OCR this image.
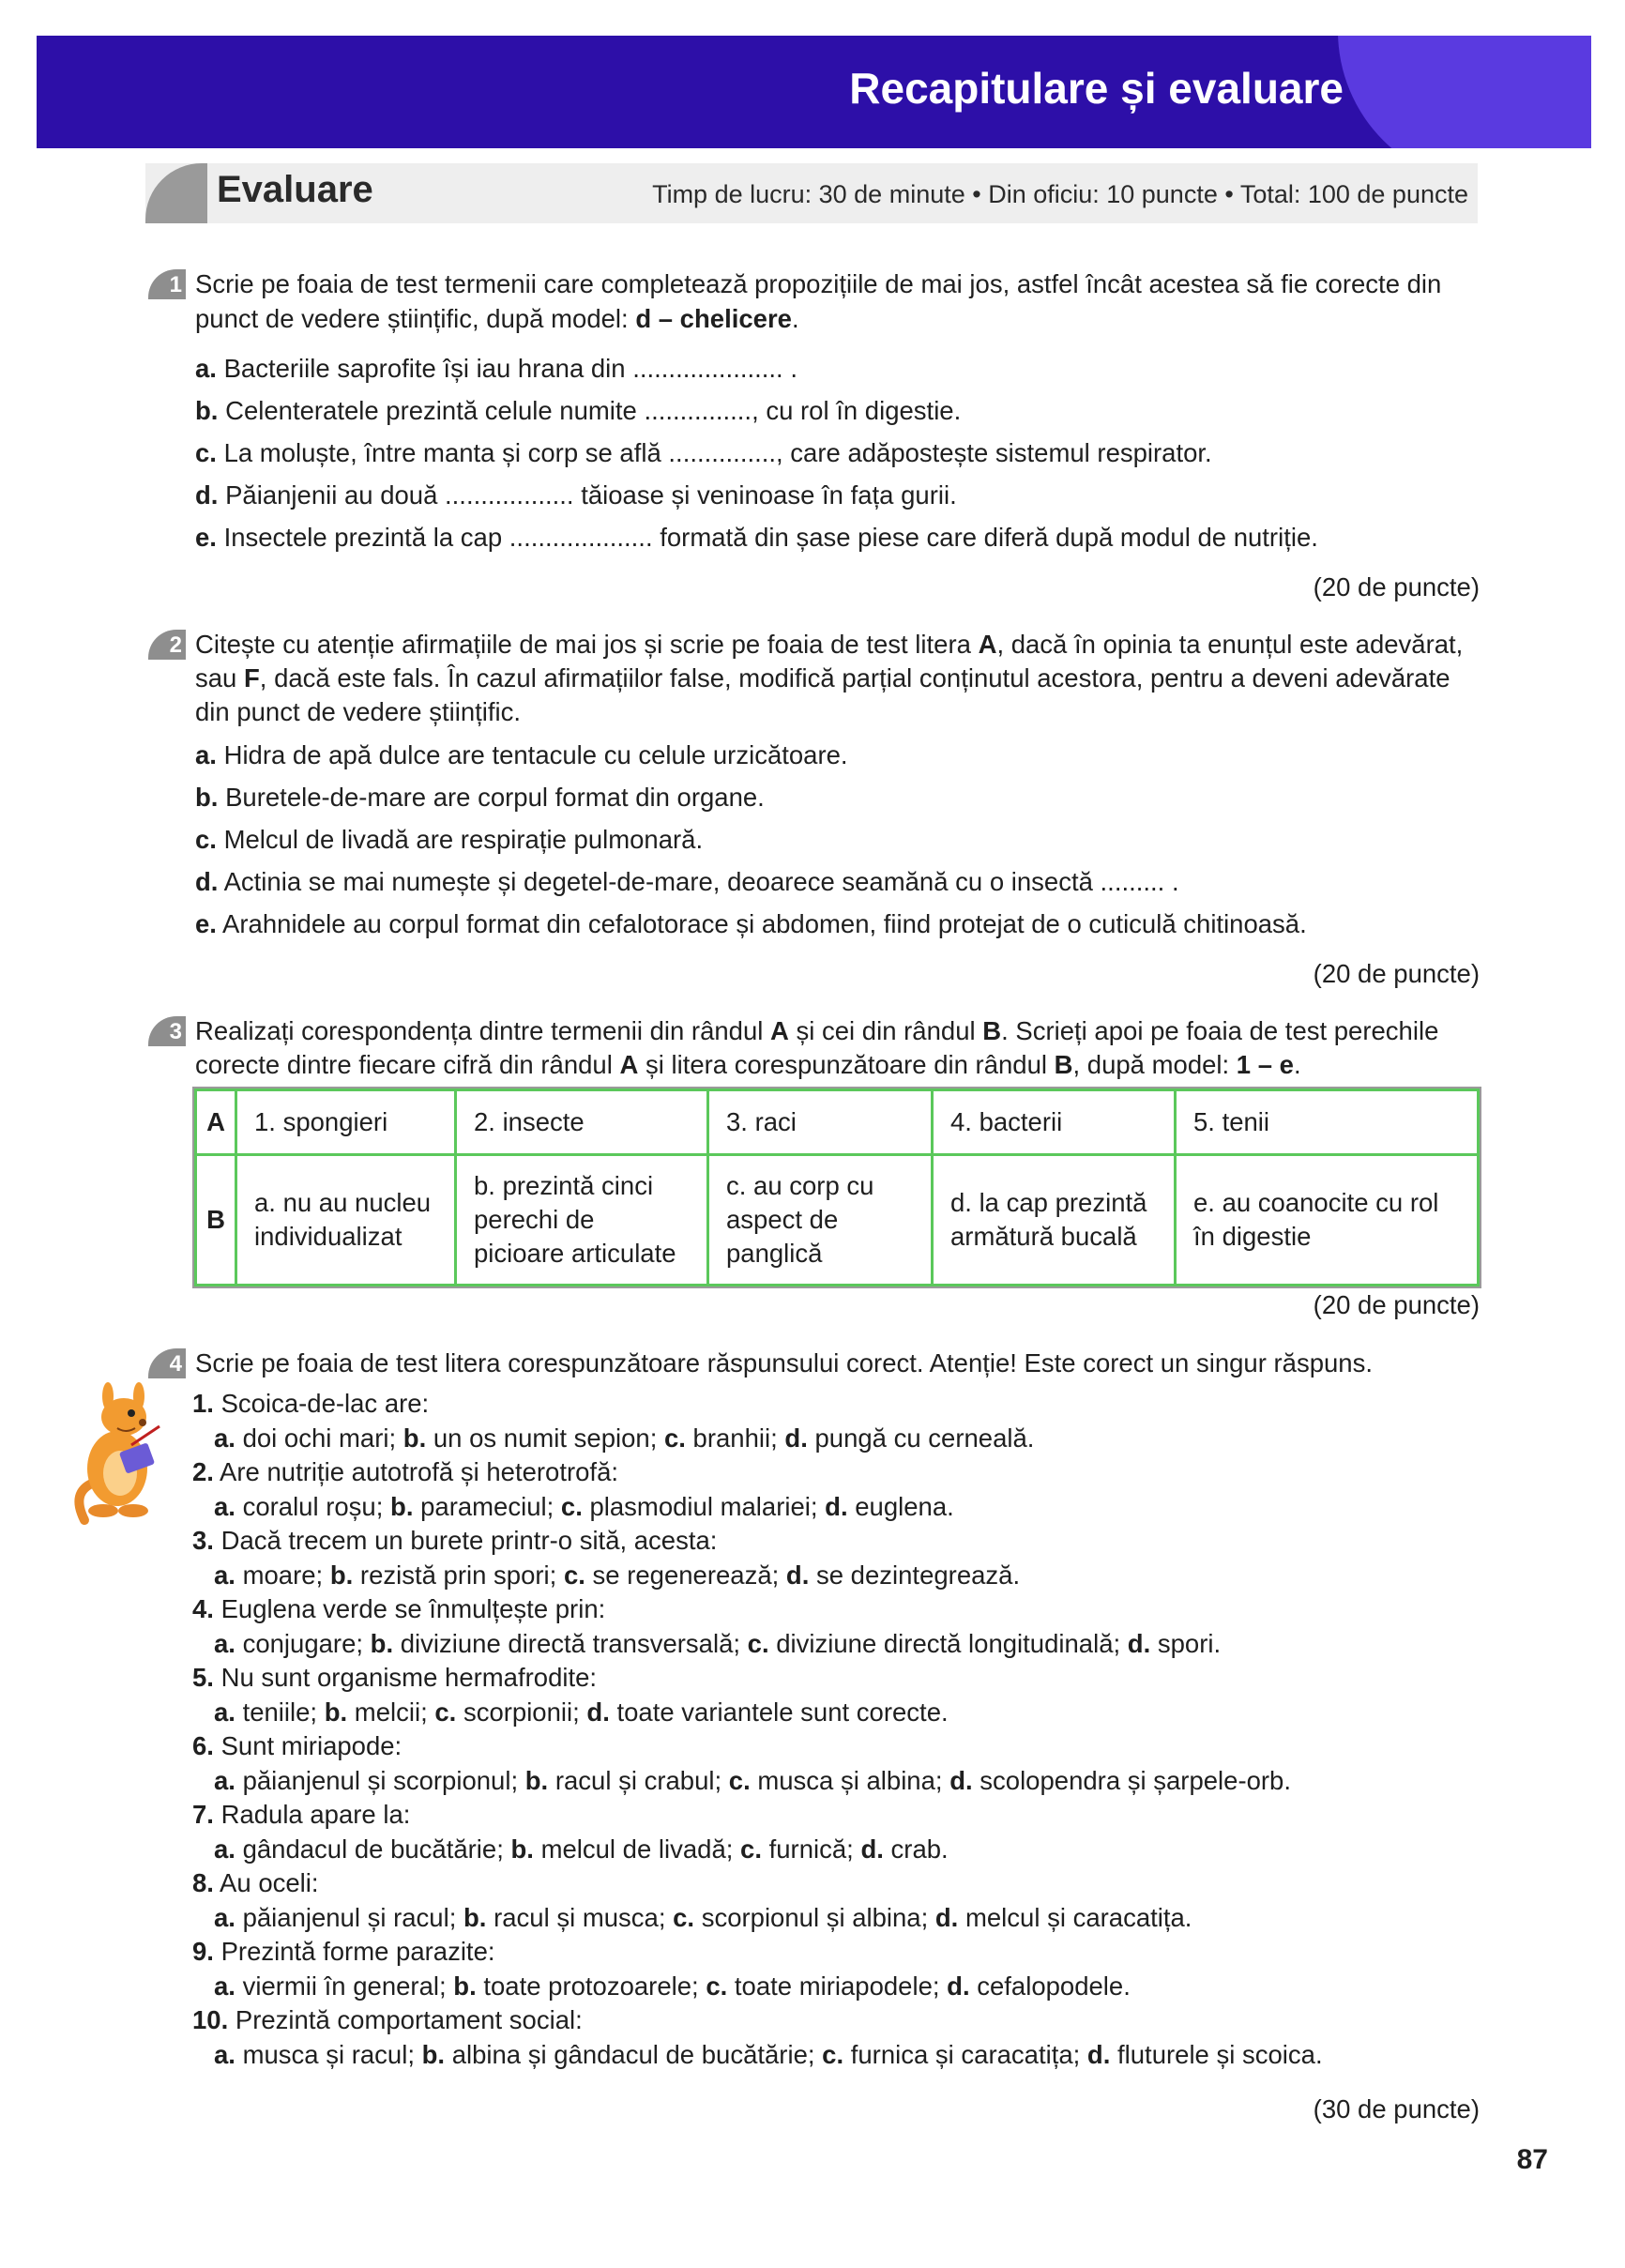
Recapitulare și evaluare
Evaluare	Timp de lucru: 30 de minute • Din oficiu: 10 puncte • Total: 100 de puncte
1 Scrie pe foaia de test termenii care completează propozițiile de mai jos, astfel încât acestea să fie corecte din
punct de vedere științific, după model: d – chelicere.
a. Bacteriile saprofite își iau hrana din ..................... .
b. Celenteratele prezintă celule numite ..............., cu rol în digestie.
c. La moluște, între manta și corp se află ..............., care adăpostește sistemul respirator.
d. Păianjenii au două .................. tăioase și veninoase în fața gurii.
e. Insectele prezintă la cap .................... formată din șase piese care diferă după modul de nutriție.
(20 de puncte)
2 Citește cu atenție afirmațiile de mai jos și scrie pe foaia de test litera A, dacă în opinia ta enunțul este adevărat,
sau F, dacă este fals. În cazul afirmațiilor false, modifică parțial conținutul acestora, pentru a deveni adevărate
din punct de vedere științific.
a. Hidra de apă dulce are tentacule cu celule urzicătoare.
b. Buretele-de-mare are corpul format din organe.
c. Melcul de livadă are respirație pulmonară.
d. Actinia se mai numește și degetel-de-mare, deoarece seamănă cu o insectă ......... .
e. Arahnidele au corpul format din cefalotorace și abdomen, fiind protejat de o cuticulă chitinoasă.
(20 de puncte)
3 Realizați corespondența dintre termenii din rândul A și cei din rândul B. Scrieți apoi pe foaia de test perechile
corecte dintre fiecare cifră din rândul A și litera corespunzătoare din rândul B, după model: 1 – e.
A	1. spongieri	2. insecte	3. raci	4. bacterii	5. tenii
B	a. nu au nucleu individualizat	b. prezintă cinci perechi de picioare articulate	c. au corp cu aspect de panglică	d. la cap prezintă armătură bucală	e. au coanocite cu rol în digestie
(20 de puncte)
4 Scrie pe foaia de test litera corespunzătoare răspunsului corect. Atenție! Este corect un singur răspuns.
1. Scoica-de-lac are:
a. doi ochi mari; b. un os numit sepion; c. branhii; d. pungă cu cerneală.
2. Are nutriție autotrofă și heterotrofă:
a. coralul roșu; b. parameciul; c. plasmodiul malariei; d. euglena.
3. Dacă trecem un burete printr-o sită, acesta:
a. moare; b. rezistă prin spori; c. se regenerează; d. se dezintegrează.
4. Euglena verde se înmulțește prin:
a. conjugare; b. diviziune directă transversală; c. diviziune directă longitudinală; d. spori.
5. Nu sunt organisme hermafrodite:
a. teniile; b. melcii; c. scorpionii; d. toate variantele sunt corecte.
6. Sunt miriapode:
a. păianjenul și scorpionul; b. racul și crabul; c. musca și albina; d. scolopendra și șarpele-orb.
7. Radula apare la:
a. gândacul de bucătărie; b. melcul de livadă; c. furnică; d. crab.
8. Au oceli:
a. păianjenul și racul; b. racul și musca; c. scorpionul și albina; d. melcul și caracatița.
9. Prezintă forme parazite:
a. viermii în general; b. toate protozoarele; c. toate miriapodele; d. cefalopodele.
10. Prezintă comportament social:
a. musca și racul; b. albina și gândacul de bucătărie; c. furnica și caracatița; d. fluturele și scoica.
(30 de puncte)
87
